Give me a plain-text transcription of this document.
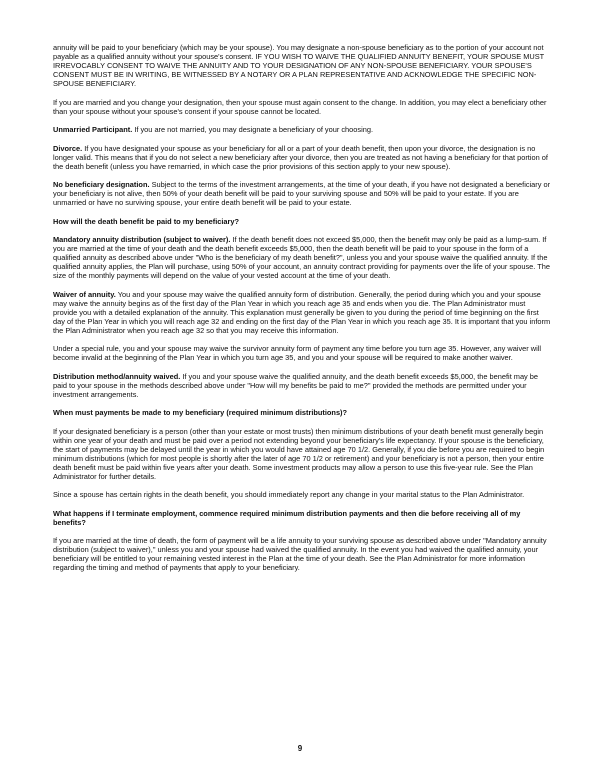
annuity will be paid to your beneficiary (which may be your spouse). You may designate a non-spouse beneficiary as to the portion of your account not payable as a qualified annuity without your spouse's consent. IF YOU WISH TO WAIVE THE QUALIFIED ANNUITY BENEFIT, YOUR SPOUSE MUST IRREVOCABLY CONSENT TO WAIVE THE ANNUITY AND TO YOUR DESIGNATION OF ANY NON-SPOUSE BENEFICIARY. YOUR SPOUSE'S CONSENT MUST BE IN WRITING, BE WITNESSED BY A NOTARY OR A PLAN REPRESENTATIVE AND ACKNOWLEDGE THE SPECIFIC NON-SPOUSE BENEFICIARY.

If you are married and you change your designation, then your spouse must again consent to the change. In addition, you may elect a beneficiary other than your spouse without your spouse's consent if your spouse cannot be located.

Unmarried Participant. If you are not married, you may designate a beneficiary of your choosing.

Divorce. If you have designated your spouse as your beneficiary for all or a part of your death benefit, then upon your divorce, the designation is no longer valid. This means that if you do not select a new beneficiary after your divorce, then you are treated as not having a beneficiary for that portion of the death benefit (unless you have remarried, in which case the prior provisions of this section apply to your new spouse).

No beneficiary designation. Subject to the terms of the investment arrangements, at the time of your death, if you have not designated a beneficiary or your beneficiary is not alive, then 50% of your death benefit will be paid to your surviving spouse and 50% will be paid to your estate. If you are unmarried or have no surviving spouse, your entire death benefit will be paid to your estate.

How will the death benefit be paid to my beneficiary?

Mandatory annuity distribution (subject to waiver). If the death benefit does not exceed $5,000, then the benefit may only be paid as a lump-sum. If you are married at the time of your death and the death benefit exceeds $5,000, then the death benefit will be paid to your spouse in the form of a qualified annuity as described above under "Who is the beneficiary of my death benefit?", unless you and your spouse waive the qualified annuity. If the qualified annuity applies, the Plan will purchase, using 50% of your account, an annuity contract providing for payments over the life of your spouse. The size of the monthly payments will depend on the value of your vested account at the time of your death.

Waiver of annuity. You and your spouse may waive the qualified annuity form of distribution. Generally, the period during which you and your spouse may waive the annuity begins as of the first day of the Plan Year in which you reach age 35 and ends when you die. The Plan Administrator must provide you with a detailed explanation of the annuity. This explanation must generally be given to you during the period of time beginning on the first day of the Plan Year in which you will reach age 32 and ending on the first day of the Plan Year in which you reach age 35. It is important that you inform the Plan Administrator when you reach age 32 so that you may receive this information.

Under a special rule, you and your spouse may waive the survivor annuity form of payment any time before you turn age 35. However, any waiver will become invalid at the beginning of the Plan Year in which you turn age 35, and you and your spouse will be required to make another waiver.

Distribution method/annuity waived. If you and your spouse waive the qualified annuity, and the death benefit exceeds $5,000, the benefit may be paid to your spouse in the methods described above under "How will my benefits be paid to me?" provided the methods are permitted under your investment arrangements.

When must payments be made to my beneficiary (required minimum distributions)?

If your designated beneficiary is a person (other than your estate or most trusts) then minimum distributions of your death benefit must generally begin within one year of your death and must be paid over a period not extending beyond your beneficiary's life expectancy. If your spouse is the beneficiary, the start of payments may be delayed until the year in which you would have attained age 70 1/2. Generally, if you die before you are required to begin minimum distributions (which for most people is shortly after the later of age 70 1/2 or retirement) and your beneficiary is not a person, then your entire death benefit must be paid within five years after your death. Some investment products may allow a person to use this five-year rule. See the Plan Administrator for further details.

Since a spouse has certain rights in the death benefit, you should immediately report any change in your marital status to the Plan Administrator.

What happens if I terminate employment, commence required minimum distribution payments and then die before receiving all of my benefits?

If you are married at the time of death, the form of payment will be a life annuity to your surviving spouse as described above under "Mandatory annuity distribution (subject to waiver)," unless you and your spouse had waived the qualified annuity. In the event you had waived the qualified annuity, your beneficiary will be entitled to your remaining vested interest in the Plan at the time of your death. See the Plan Administrator for more information regarding the timing and method of payments that apply to your beneficiary.

9
